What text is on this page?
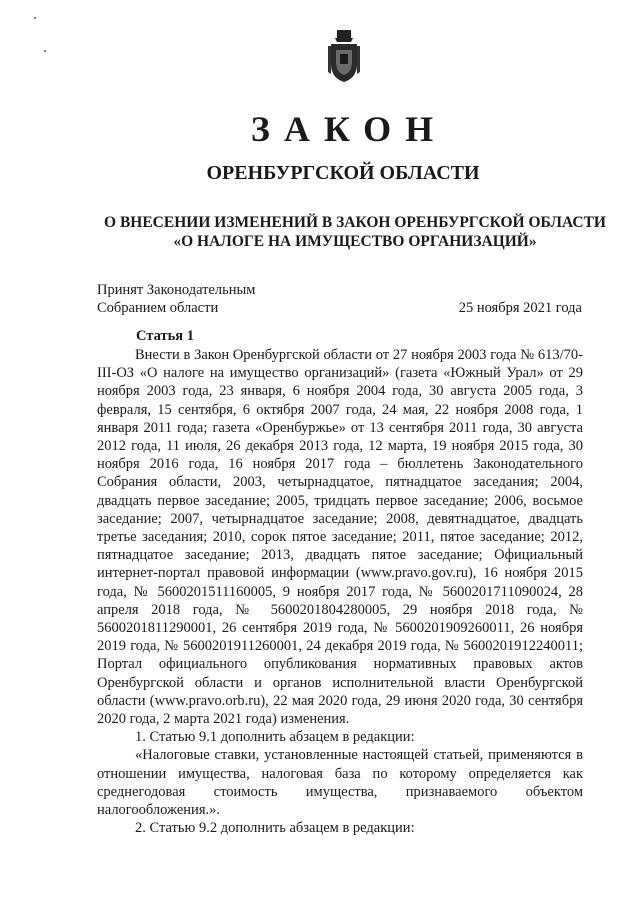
ЗАКОН
ОРЕНБУРГСКОЙ ОБЛАСТИ
О ВНЕСЕНИИ ИЗМЕНЕНИЙ В ЗАКОН ОРЕНБУРГСКОЙ ОБЛАСТИ
«О НАЛОГЕ НА ИМУЩЕСТВО ОРГАНИЗАЦИЙ»
Принят Законодательным
Собранием области	25 ноября 2021 года
Статья 1

Внести в Закон Оренбургской области от 27 ноября 2003 года № 613/70-III-ОЗ «О налоге на имущество организаций» (газета «Южный Урал» от 29 ноября 2003 года, 23 января, 6 ноября 2004 года, 30 августа 2005 года, 3 февраля, 15 сентября, 6 октября 2007 года, 24 мая, 22 ноября 2008 года, 1 января 2011 года; газета «Оренбуржье» от 13 сентября 2011 года, 30 августа 2012 года, 11 июля, 26 декабря 2013 года, 12 марта, 19 ноября 2015 года, 30 ноября 2016 года, 16 ноября 2017 года – бюллетень Законодательного Собрания области, 2003, четырнадцатое, пятнадцатое заседания; 2004, двадцать первое заседание; 2005, тридцать первое заседание; 2006, восьмое заседание; 2007, четырнадцатое заседание; 2008, девятнадцатое, двадцать третье заседания; 2010, сорок пятое заседание; 2011, пятое заседание; 2012, пятнадцатое заседание; 2013, двадцать пятое заседание; Официальный интернет-портал правовой информации (www.pravo.gov.ru), 16 ноября 2015 года, № 5600201511160005, 9 ноября 2017 года, № 5600201711090024, 28 апреля 2018 года, № 5600201804280005, 29 ноября 2018 года, № 5600201811290001, 26 сентября 2019 года, № 5600201909260011, 26 ноября 2019 года, № 5600201911260001, 24 декабря 2019 года, № 5600201912240011; Портал официального опубликования нормативных правовых актов Оренбургской области и органов исполнительной власти Оренбургской области (www.pravo.orb.ru), 22 мая 2020 года, 29 июня 2020 года, 30 сентября 2020 года, 2 марта 2021 года) изменения.

1. Статью 9.1 дополнить абзацем в редакции:

«Налоговые ставки, установленные настоящей статьей, применяются в отношении имущества, налоговая база по которому определяется как среднегодовая стоимость имущества, признаваемого объектом налогообложения.».

2. Статью 9.2 дополнить абзацем в редакции:
